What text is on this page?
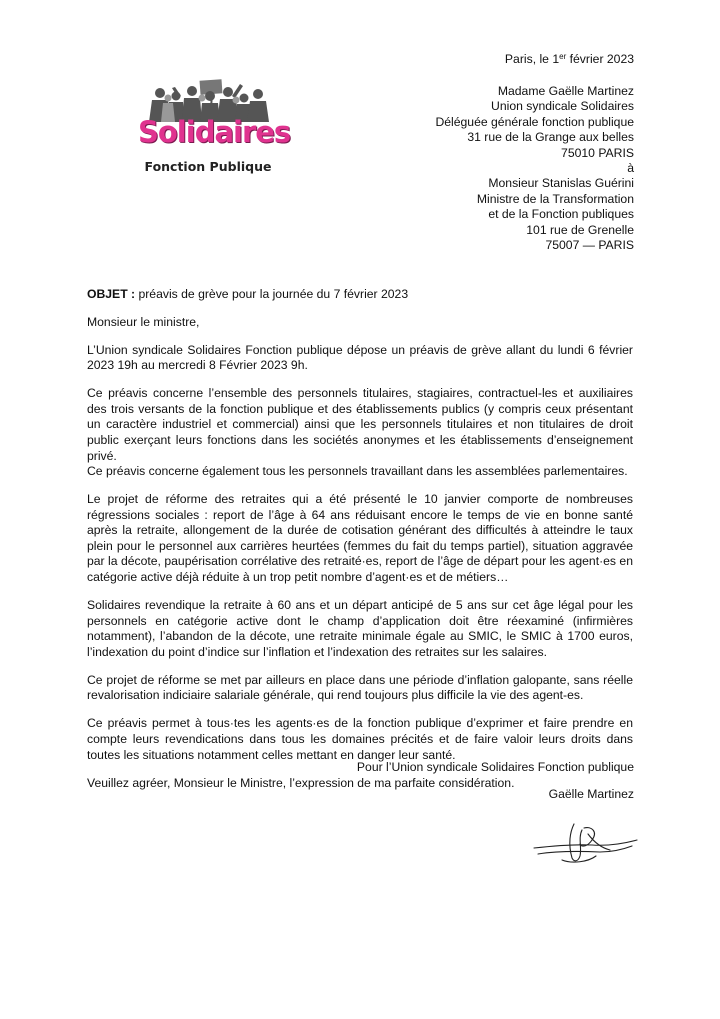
Solidaires
Fonction Publique
Paris, le 1er février 2023
Madame Gaëlle Martinez
Union syndicale Solidaires
Déléguée générale fonction publique
31 rue de la Grange aux belles
75010 PARIS
à
Monsieur Stanislas Guérini
Ministre de la Transformation
et de la Fonction publiques
101 rue de Grenelle
75007 — PARIS

OBJET : préavis de grève pour la journée du 7 février 2023

Monsieur le ministre,

L’Union syndicale Solidaires Fonction publique dépose un préavis de grève allant du lundi 6 février 2023 19h au mercredi 8 Février 2023 9h.

Ce préavis concerne l’ensemble des personnels titulaires, stagiaires, contractuel-les et auxiliaires des trois versants de la fonction publique et des établissements publics (y compris ceux présentant un caractère industriel et commercial) ainsi que les personnels titulaires et non titulaires de droit public exerçant leurs fonctions dans les sociétés anonymes et les établissements d’enseignement privé.

Ce préavis concerne également tous les personnels travaillant dans les assemblées parlementaires.

Le projet de réforme des retraites qui a été présenté le 10 janvier comporte de nombreuses régressions sociales : report de l’âge à 64 ans réduisant encore le temps de vie en bonne santé après la retraite, allongement de la durée de cotisation générant des difficultés à atteindre le taux plein pour le personnel aux carrières heurtées (femmes du fait du temps partiel), situation aggravée par la décote, paupérisation corrélative des retraité·es, report de l’âge de départ pour les agent·es en catégorie active déjà réduite à un trop petit nombre d’agent·es et de métiers…

Solidaires revendique la retraite à 60 ans et un départ anticipé de 5 ans sur cet âge légal pour les personnels en catégorie active dont le champ d’application doit être réexaminé (infirmières notamment), l’abandon de la décote, une retraite minimale égale au SMIC, le SMIC à 1700 euros, l’indexation du point d’indice sur l’inflation et l’indexation des retraites sur les salaires.

Ce projet de réforme se met par ailleurs en place dans une période d’inflation galopante, sans réelle revalorisation indiciaire salariale générale, qui rend toujours plus difficile la vie des agent-es.

Ce préavis permet à tous·tes les agents·es de la fonction publique d’exprimer et faire prendre en compte leurs revendications dans tous les domaines précités et de faire valoir leurs droits dans toutes les situations notamment celles mettant en danger leur santé.

Veuillez agréer, Monsieur le Ministre, l’expression de ma parfaite considération.

Pour l’Union syndicale Solidaires Fonction publique
Gaëlle Martinez
